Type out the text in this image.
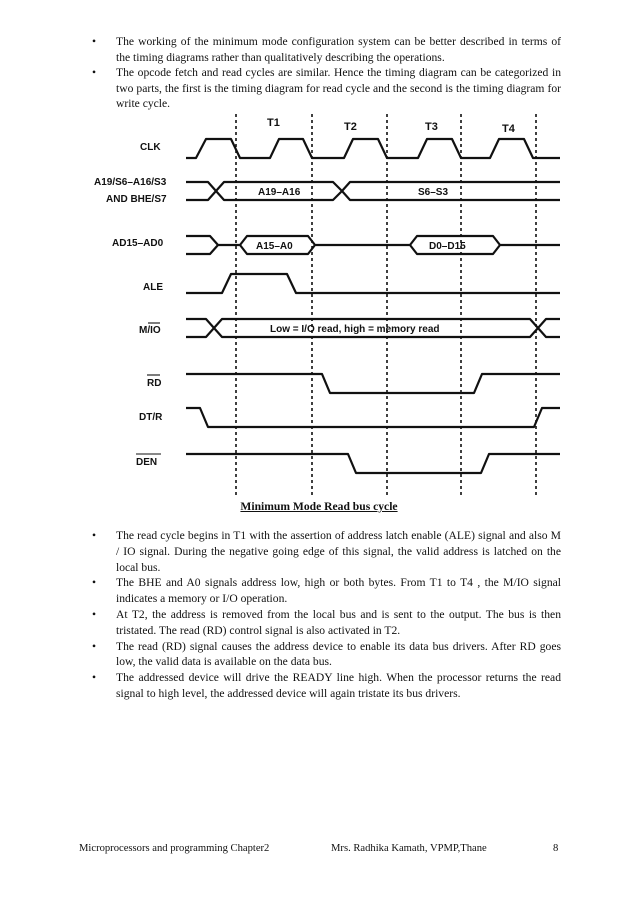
• The working of the minimum mode configuration system can be better described in terms of the timing diagrams rather than qualitatively describing the operations.
• The opcode fetch and read cycles are similar. Hence the timing diagram can be categorized in two parts, the first is the timing diagram for read cycle and the second is the timing diagram for write cycle.
T1	T2	T3	T4
CLK
A19/S6–A16/S3
AND BHE/S7
AD15–AD0
ALE
M/IO
RD
DT/R
DEN
A19–A16	S6–S3
A15–A0	D0–D15
Low = I/O read, high = memory read
Minimum Mode Read bus cycle
• The read cycle begins in T1 with the assertion of address latch enable (ALE) signal and also M / IO signal. During the negative going edge of this signal, the valid address is latched on the local bus.
• The BHE and A0 signals address low, high or both bytes. From T1 to T4 , the M/IO signal indicates a memory or I/O operation.
• At T2, the address is removed from the local bus and is sent to the output. The bus is then tristated. The read (RD) control signal is also activated in T2.
• The read (RD) signal causes the address device to enable its data bus drivers. After RD goes low, the valid data is available on the data bus.
• The addressed device will drive the READY line high. When the processor returns the read signal to high level, the addressed device will again tristate its bus drivers.
Microprocessors and programming Chapter2	Mrs. Radhika Kamath, VPMP,Thane	8
